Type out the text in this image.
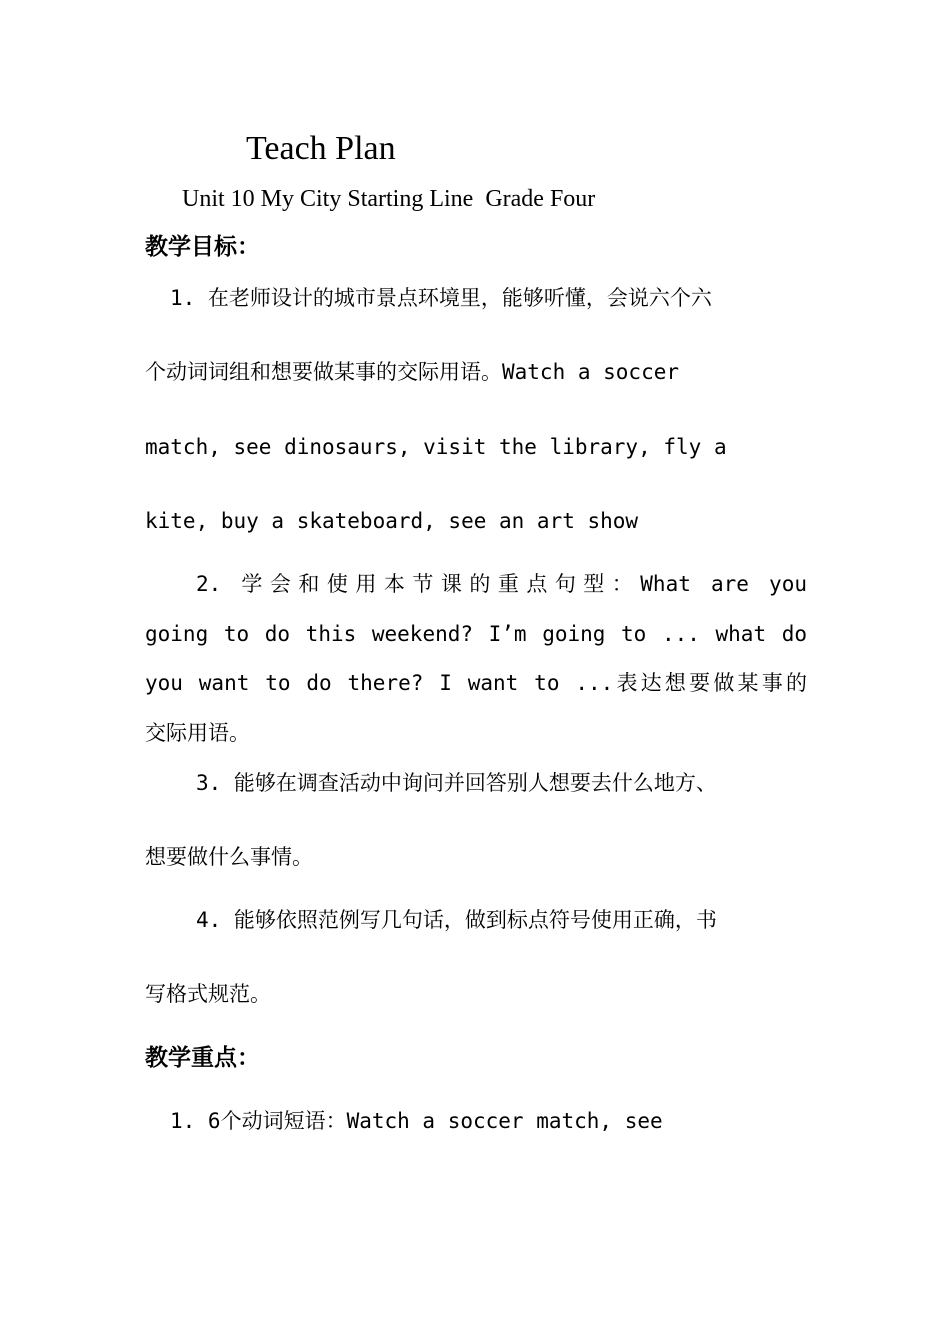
Teach Plan
Unit 10 My City Starting Line  Grade Four
教学目标：
1. 在老师设计的城市景点环境里，能够听懂，会说六个六
个动词词组和想要做某事的交际用语。Watch a soccer
match, see dinosaurs, visit the library, fly a
kite, buy a skateboard, see an art show
2. 学会和使用本节课的重点句型：What are you
going to do this weekend? I’m going to ... what do
you want to do there? I want to ...表达想要做某事的
交际用语。
3. 能够在调查活动中询问并回答别人想要去什么地方、
想要做什么事情。
4. 能够依照范例写几句话，做到标点符号使用正确，书
写格式规范。
教学重点：
1. 6个动词短语：Watch a soccer match, see
